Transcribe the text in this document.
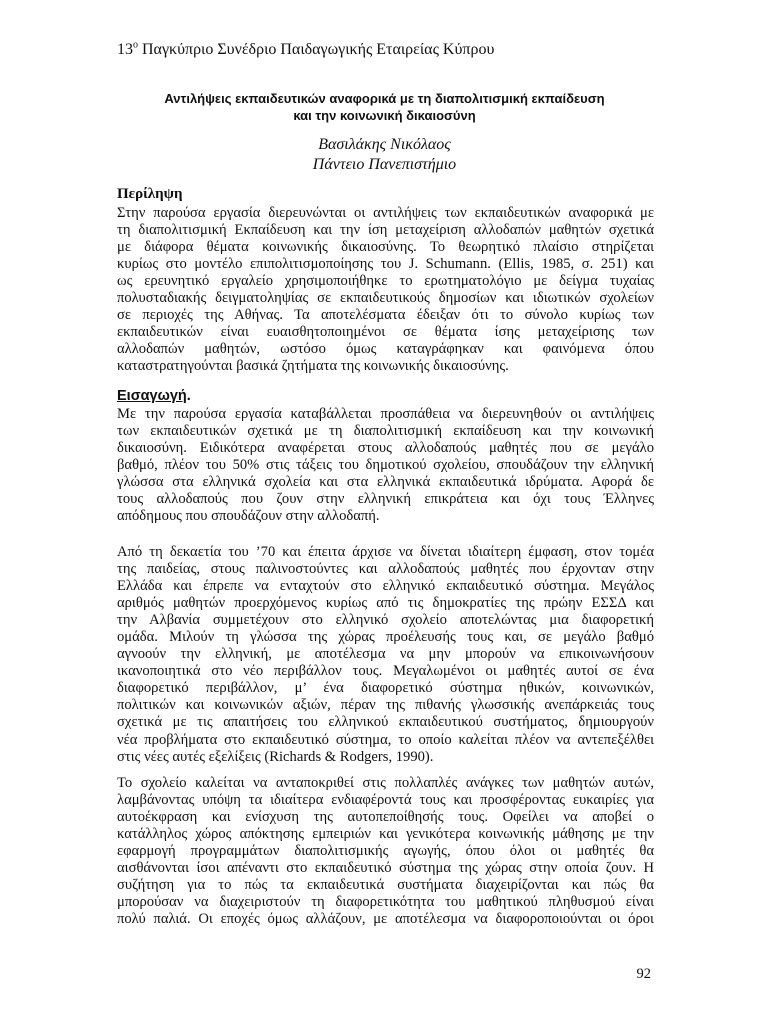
$13^o$ Παγκύπριο Συνέδριο Παιδαγωγικής Εταιρείας Κύπρου
Αντιλήψεις εκπαιδευτικών αναφορικά με τη διαπολιτισμική εκπαίδευση
και την κοινωνική δικαιοσύνη
Βασιλάκης Νικόλαος
Πάντειο Πανεπιστήμιο
Περίληψη
Στην παρούσα εργασία διερευνώνται οι αντιλήψεις των εκπαιδευτικών αναφορικά με
τη διαπολιτισμική Εκπαίδευση και την ίση μεταχείριση αλλοδαπών μαθητών σχετικά
με διάφορα θέματα κοινωνικής δικαιοσύνης. Το θεωρητικό πλαίσιο στηρίζεται
κυρίως στο μοντέλο επιπολιτισμοποίησης του J. Schumann. (Ellis, 1985, σ. 251) και
ως ερευνητικό εργαλείο χρησιμοποιήθηκε το ερωτηματολόγιο με δείγμα τυχαίας
πολυσταδιακής δειγματοληψίας σε εκπαιδευτικούς δημοσίων και ιδιωτικών σχολείων
σε περιοχές της Αθήνας. Τα αποτελέσματα έδειξαν ότι το σύνολο κυρίως των
εκπαιδευτικών είναι ευαισθητοποιημένοι σε θέματα ίσης μεταχείρισης των
αλλοδαπών μαθητών, ωστόσο όμως καταγράφηκαν και φαινόμενα όπου
καταστρατηγούνται βασικά ζητήματα της κοινωνικής δικαιοσύνης.
Εισαγωγή.
Με την παρούσα εργασία καταβάλλεται προσπάθεια να διερευνηθούν οι αντιλήψεις
των εκπαιδευτικών σχετικά με τη διαπολιτισμική εκπαίδευση και την κοινωνική
δικαιοσύνη. Ειδικότερα αναφέρεται στους αλλοδαπούς μαθητές που σε μεγάλο
βαθμό, πλέον του 50% στις τάξεις του δημοτικού σχολείου, σπουδάζουν την ελληνική
γλώσσα στα ελληνικά σχολεία και στα ελληνικά εκπαιδευτικά ιδρύματα. Αφορά δε
τους αλλοδαπούς που ζουν στην ελληνική επικράτεια και όχι τους Έλληνες
απόδημους που σπουδάζουν στην αλλοδαπή.
Από τη δεκαετία του ’70 και έπειτα άρχισε να δίνεται ιδιαίτερη έμφαση, στον τομέα
της παιδείας, στους παλινοστούντες και αλλοδαπούς μαθητές που έρχονταν στην
Ελλάδα και έπρεπε να ενταχτούν στο ελληνικό εκπαιδευτικό σύστημα. Μεγάλος
αριθμός μαθητών προερχόμενος κυρίως από τις δημοκρατίες της πρώην ΕΣΣΔ και
την Αλβανία συμμετέχουν στο ελληνικό σχολείο αποτελώντας μια διαφορετική
ομάδα. Μιλούν τη γλώσσα της χώρας προέλευσής τους και, σε μεγάλο βαθμό
αγνοούν την ελληνική, με αποτέλεσμα να μην μπορούν να επικοινωνήσουν
ικανοποιητικά στο νέο περιβάλλον τους. Μεγαλωμένοι οι μαθητές αυτοί σε ένα
διαφορετικό περιβάλλον, μ’ ένα διαφορετικό σύστημα ηθικών, κοινωνικών,
πολιτικών και κοινωνικών αξιών, πέραν της πιθανής γλωσσικής ανεπάρκειάς τους
σχετικά με τις απαιτήσεις του ελληνικού εκπαιδευτικού συστήματος, δημιουργούν
νέα προβλήματα στο εκπαιδευτικό σύστημα, το οποίο καλείται πλέον να αντεπεξέλθει
στις νέες αυτές εξελίξεις (Richards & Rodgers, 1990).
Το σχολείο καλείται να ανταποκριθεί στις πολλαπλές ανάγκες των μαθητών αυτών,
λαμβάνοντας υπόψη τα ιδιαίτερα ενδιαφέροντά τους και προσφέροντας ευκαιρίες για
αυτοέκφραση και ενίσχυση της αυτοπεποίθησής τους. Οφείλει να αποβεί ο
κατάλληλος χώρος απόκτησης εμπειριών και γενικότερα κοινωνικής μάθησης με την
εφαρμογή προγραμμάτων διαπολιτισμικής αγωγής, όπου όλοι οι μαθητές θα
αισθάνονται ίσοι απέναντι στο εκπαιδευτικό σύστημα της χώρας στην οποία ζουν. Η
συζήτηση για το πώς τα εκπαιδευτικά συστήματα διαχειρίζονται και πώς θα
μπορούσαν να διαχειριστούν τη διαφορετικότητα του μαθητικού πληθυσμού είναι
πολύ παλιά. Οι εποχές όμως αλλάζουν, με αποτέλεσμα να διαφοροποιούνται οι όροι
92
